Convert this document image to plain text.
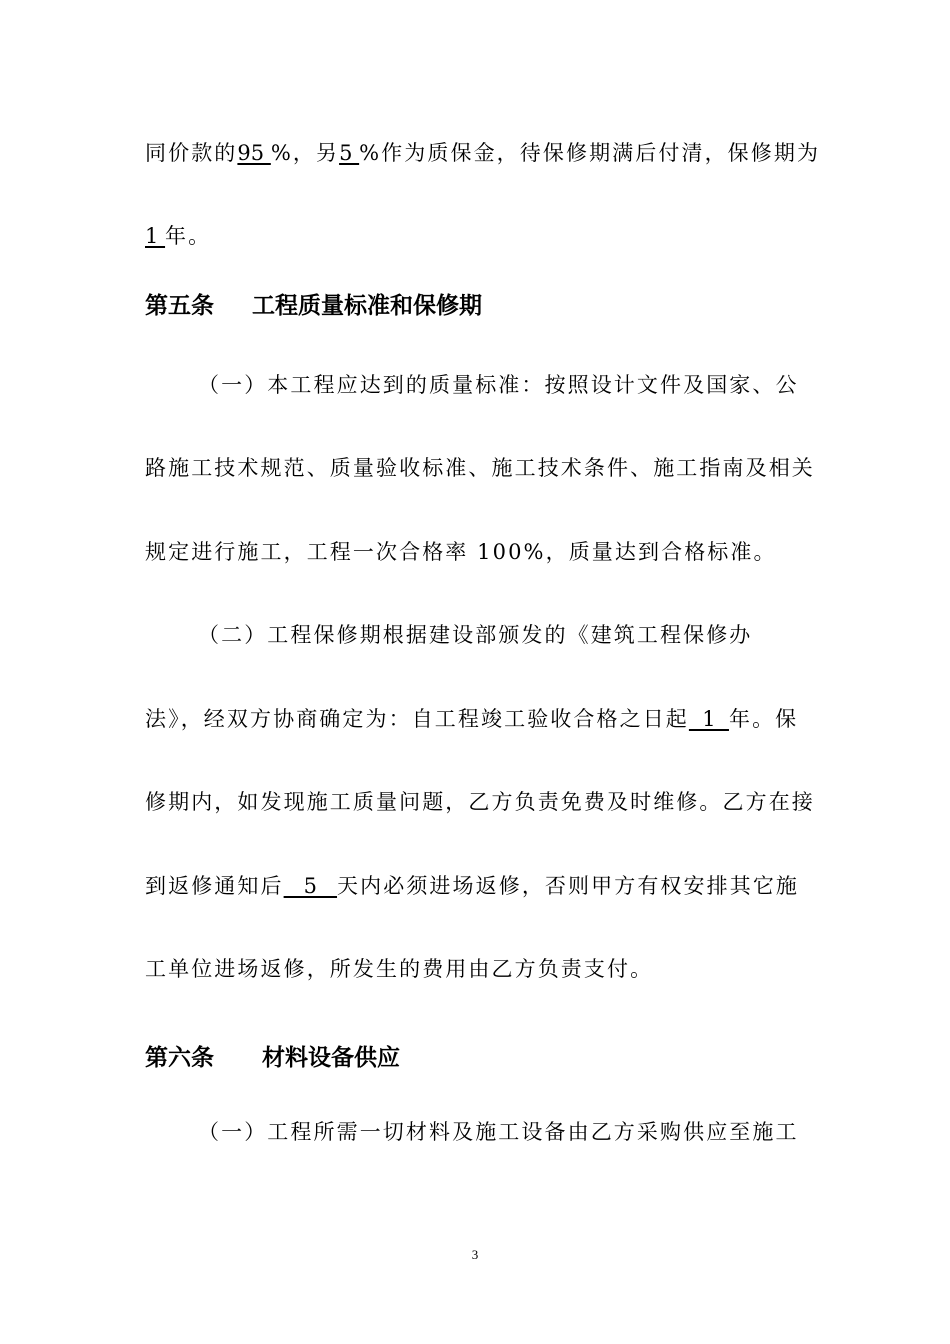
同价款的95 %，另5 %作为质保金，待保修期满后付清，保修期为
1 年。
第五条 工程质量标准和保修期
（一）本工程应达到的质量标准：按照设计文件及国家、公
路施工技术规范、质量验收标准、施工技术条件、施工指南及相关
规定进行施工，工程一次合格率 100%，质量达到合格标准。
（二）工程保修期根据建设部颁发的《建筑工程保修办
法》，经双方协商确定为：自工程竣工验收合格之日起  1  年。保
修期内，如发现施工质量问题，乙方负责免费及时维修。乙方在接
到返修通知后   5   天内必须进场返修，否则甲方有权安排其它施
工单位进场返修，所发生的费用由乙方负责支付。
第六条 材料设备供应
（一）工程所需一切材料及施工设备由乙方采购供应至施工
3
